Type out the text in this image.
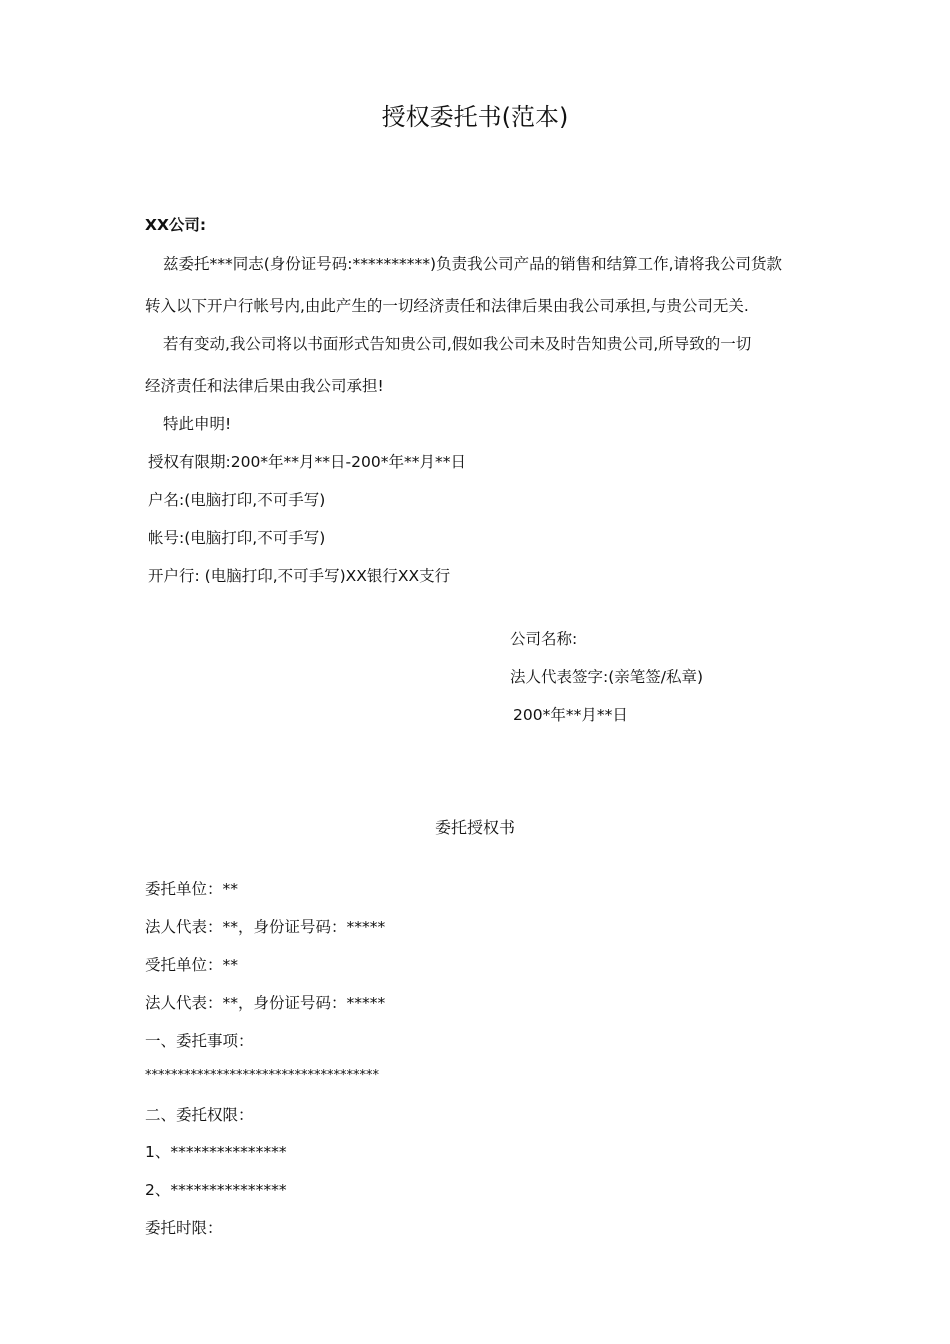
授权委托书(范本)
XX公司:
兹委托***同志(身份证号码:**********)负责我公司产品的销售和结算工作,请将我公司货款
转入以下开户行帐号内,由此产生的一切经济责任和法律后果由我公司承担,与贵公司无关.
若有变动,我公司将以书面形式告知贵公司,假如我公司未及时告知贵公司,所导致的一切
经济责任和法律后果由我公司承担!
特此申明!
授权有限期:200*年**月**日-200*年**月**日
户名:(电脑打印,不可手写)
帐号:(电脑打印,不可手写)
开户行: (电脑打印,不可手写)XX银行XX支行
公司名称:
法人代表签字:(亲笔签/私章)
200*年**月**日
委托授权书
委托单位：**
法人代表：**，身份证号码：*****
受托单位：**
法人代表：**，身份证号码：*****
一、委托事项：
************************************
二、委托权限：
1、***************
2、***************
委托时限：
